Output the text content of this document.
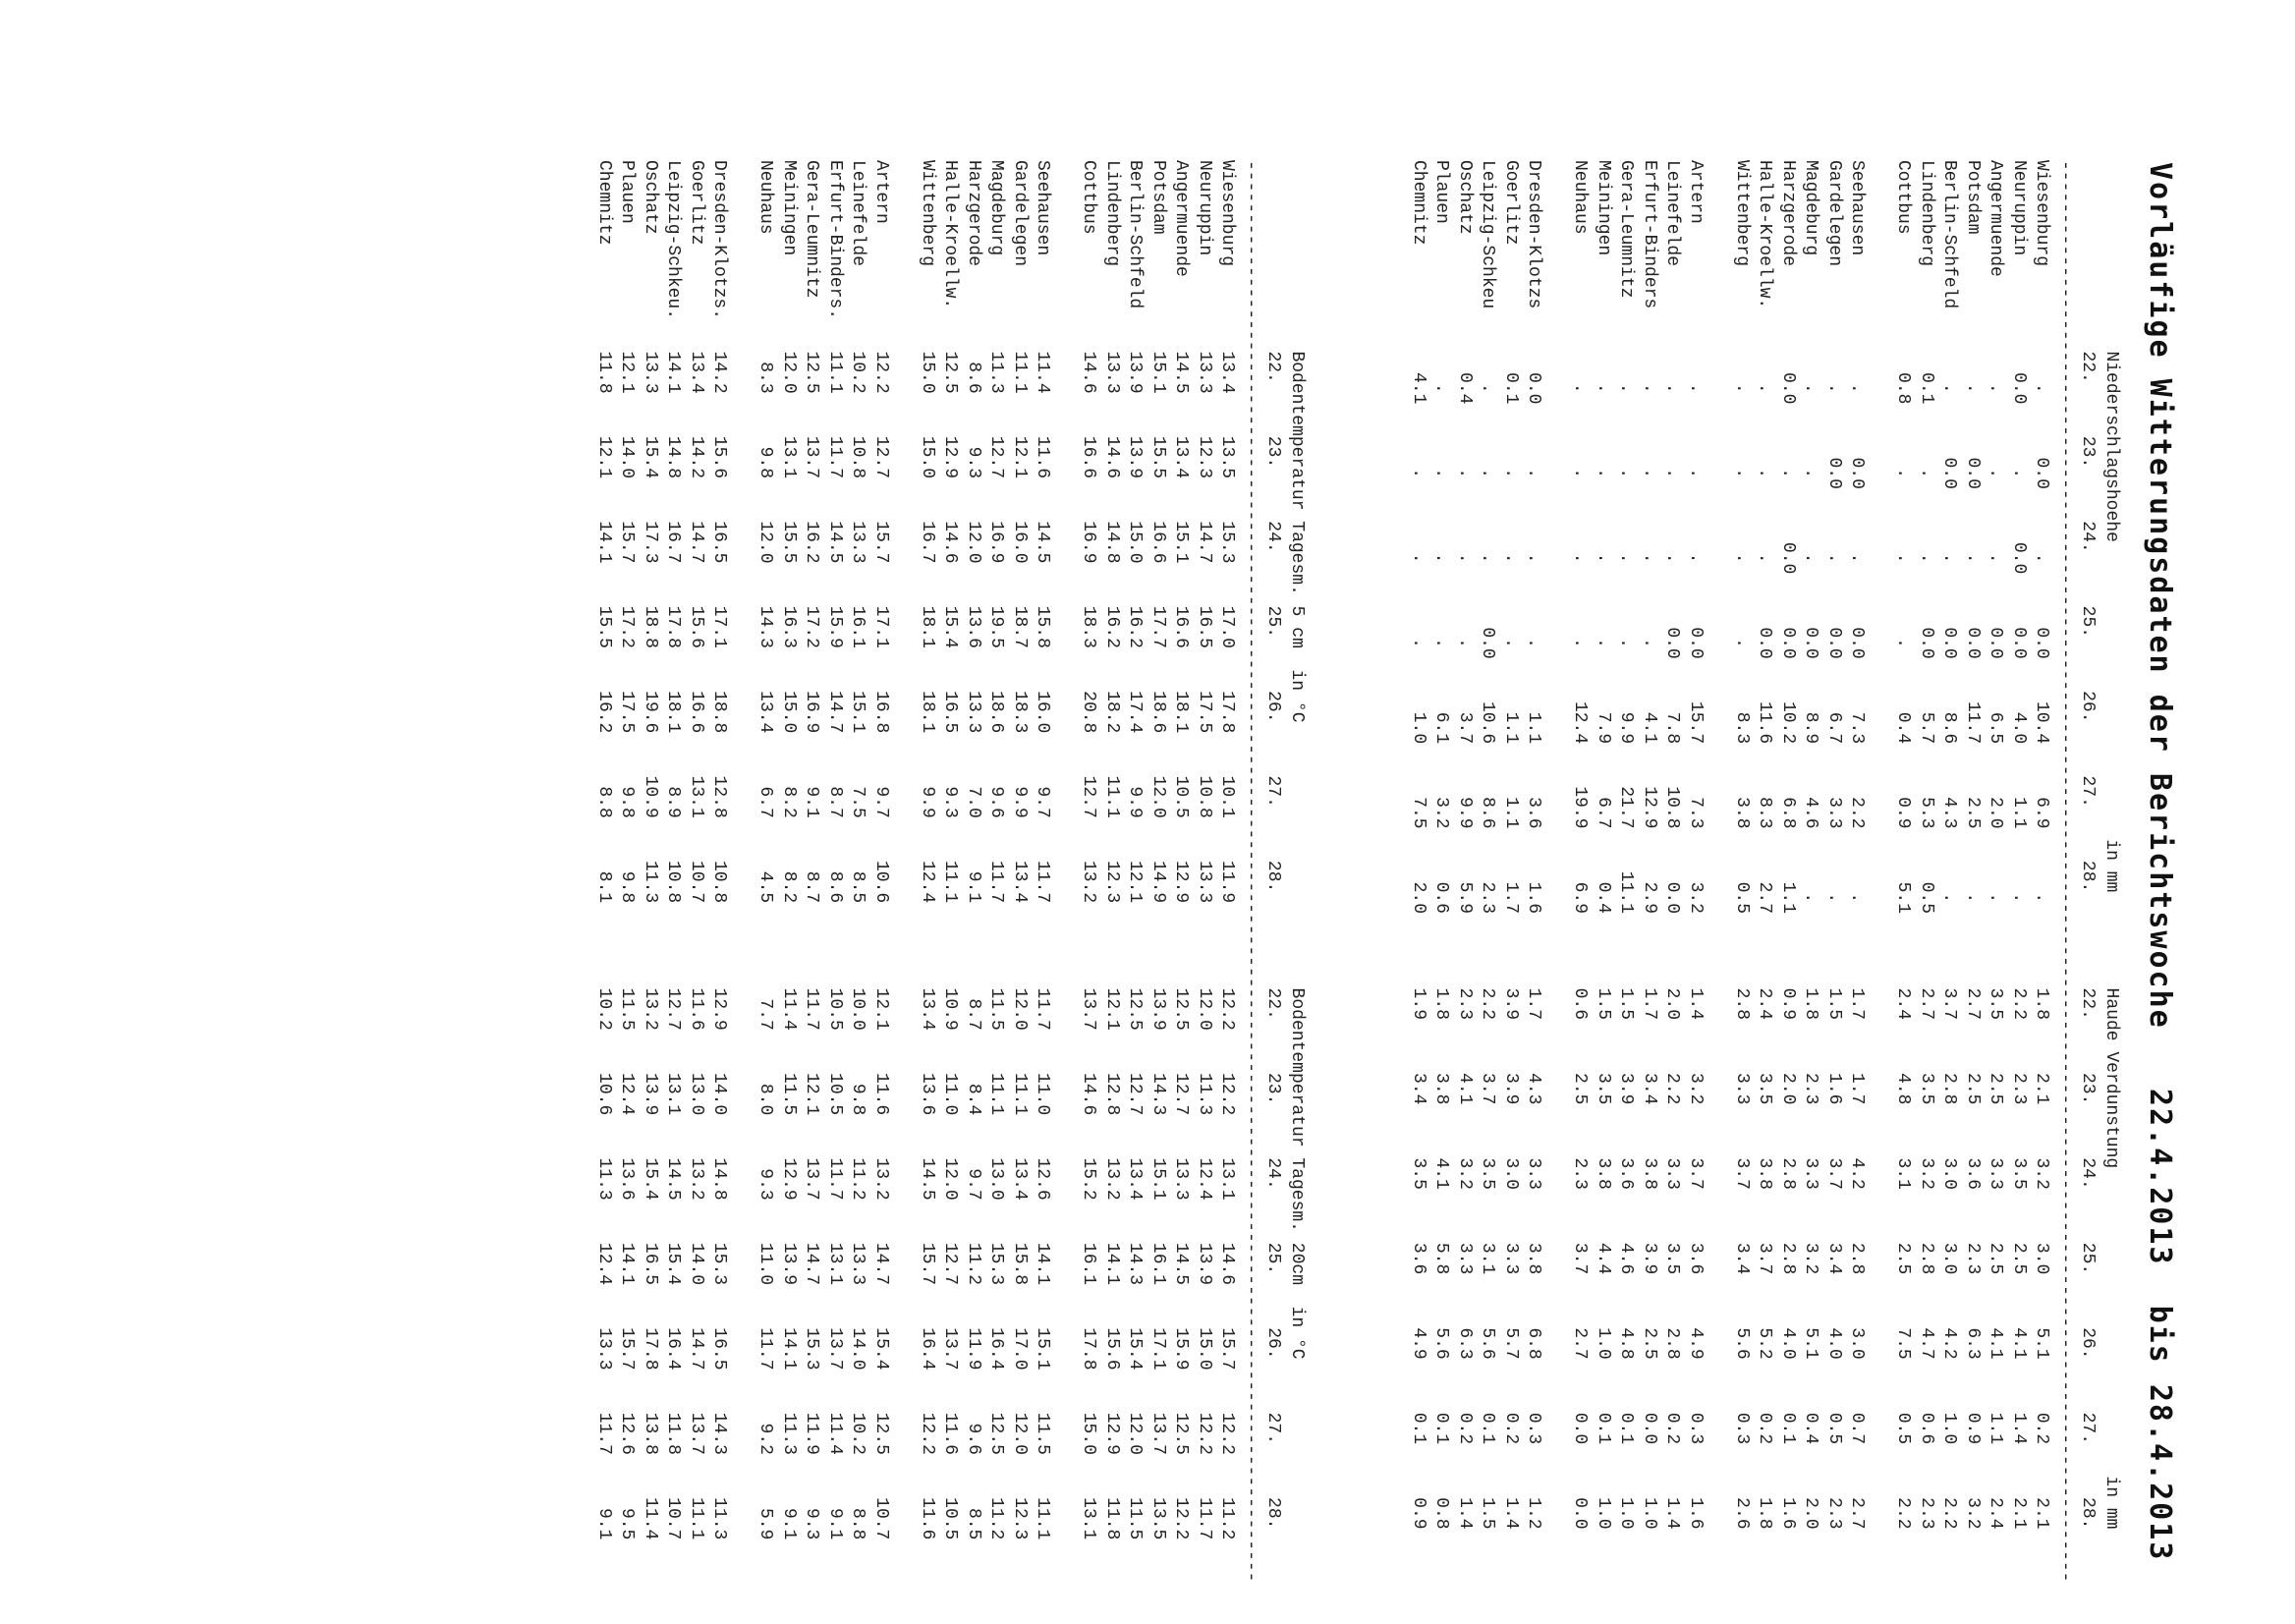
Vorläufige Witterungsdaten der Berichtswoche   22.4.2013  bis 28.4.2013
Niederschlagshoehe                            in mm         Haude Verdunstung                             in mm
22.     23.     24.     25.     26.     27.     28.         22.     23.     24.     25.     26.     27.     28.
--------------------------------------------------------------------------------------------------------------------------------------
Wiesenburg           .      0.0      .      0.0    10.4     6.9      .        1.8     2.1     3.2     3.0     5.1     0.2     2.1
Neuruppin           0.0      .      0.0     0.0     4.0     1.1      .        2.2     2.3     3.5     2.5     4.1     1.4     2.1
Angermuende          .       .       .      0.0     6.5     2.0      .        3.5     2.5     3.3     2.5     4.1     1.1     2.4
Potsdam              .      0.0      .      0.0    11.7     2.5      .        2.7     2.5     3.6     2.3     6.3     0.9     3.2
Berlin-Schfeld       .      0.0      .      0.0     8.6     4.3      .        3.7     2.8     3.0     3.0     4.2     1.0     2.2
Lindenberg          0.1      .       .      0.0     5.7     5.3     0.5       2.7     3.5     3.2     2.8     4.7     0.6     2.3
Cottbus             0.8      .       .       .      0.4     0.9     5.1       2.4     4.8     3.1     2.5     7.5     0.5     2.2
Seehausen            .      0.0      .      0.0     7.3     2.2      .        1.7     1.7     4.2     2.8     3.0     0.7     2.7
Gardelegen           .      0.0      .      0.0     6.7     3.3      .        1.5     1.6     3.7     3.4     4.0     0.5     2.3
Magdeburg            .       .       .      0.0     8.9     4.6      .        1.8     2.3     3.3     3.2     5.1     0.4     2.0
Harzgerode          0.0      .      0.0     0.0    10.2     6.8     1.1       0.9     2.0     2.8     2.8     4.0     0.1     1.6
Halle-Kroellw.       .       .       .      0.0    11.6     8.3     2.7       2.4     3.5     3.8     3.7     5.2     0.2     1.8
Wittenberg           .       .       .       .      8.3     3.8     0.5       2.8     3.3     3.7     3.4     5.6     0.3     2.6
Artern               .       .       .      0.0    15.7     7.3     3.2       1.4     3.2     3.7     3.6     4.9     0.3     1.6
Leinefelde           .       .       .      0.0     7.8    10.8     0.0       2.0     2.2     3.3     3.5     2.8     0.2     1.4
Erfurt-Binders       .       .       .       .      4.1    12.9     2.9       1.7     3.4     3.8     3.9     2.5     0.0     1.0
Gera-Leumnitz        .       .       .       .      9.9    21.7    11.1       1.5     3.9     3.6     4.6     4.8     0.1     1.0
Meiningen            .       .       .       .      7.9     6.7     0.4       1.5     3.5     3.8     4.4     1.0     0.1     1.0
Neuhaus              .       .       .       .     12.4    19.9     6.9       0.6     2.5     2.3     3.7     2.7     0.0     0.0
Dresden-Klotzs      0.0      .       .       .      1.1     3.6     1.6       1.7     4.3     3.3     3.8     6.8     0.3     1.2
Goerlitz            0.1      .       .       .      1.1     1.1     1.7       3.9     3.9     3.0     3.3     5.7     0.2     1.4
Leipzig-Schkeu       .       .       .      0.0    10.6     8.6     2.3       2.2     3.7     3.5     3.1     5.6     0.1     1.5
Oschatz             0.4      .       .       .      3.7     9.9     5.9       2.3     4.1     3.2     3.3     6.3     0.2     1.4
Plauen               .       .       .       .      6.1     3.2     0.6       1.8     3.8     4.1     5.8     5.6     0.1     0.8
Chemnitz            4.1      .       .       .      1.0     7.5     2.0       1.9     3.4     3.5     3.6     4.9     0.1     0.9
Bodentemperatur Tagesm. 5 cm  in °C                         Bodentemperatur Tagesm. 20cm  in °C
22.     23.     24.     25.     26.     27.     28.         22.     23.     24.     25.     26.     27.     28.
--------------------------------------------------------------------------------------------------------------------------------------
Wiesenburg        13.4    13.5    15.3    17.0    17.8    10.1    11.9        12.2    12.2    13.1    14.6    15.7    12.2    11.2
Neuruppin         13.3    12.3    14.7    16.5    17.5    10.8    13.3        12.0    11.3    12.4    13.9    15.0    12.2    11.7
Angermuende       14.5    13.4    15.1    16.6    18.1    10.5    12.9        12.5    12.7    13.3    14.5    15.9    12.5    12.2
Potsdam           15.1    15.5    16.6    17.7    18.6    12.0    14.9        13.9    14.3    15.1    16.1    17.1    13.7    13.5
Berlin-Schfeld    13.9    13.9    15.0    16.2    17.4     9.9    12.1        12.5    12.7    13.4    14.3    15.4    12.0    11.5
Lindenberg        13.3    14.6    14.8    16.2    18.2    11.1    12.3        12.1    12.8    13.2    14.1    15.6    12.9    11.8
Cottbus           14.6    16.6    16.9    18.3    20.8    12.7    13.2        13.7    14.6    15.2    16.1    17.8    15.0    13.1
Seehausen         11.4    11.6    14.5    15.8    16.0     9.7    11.7        11.7    11.0    12.6    14.1    15.1    11.5    11.1
Gardelegen        11.1    12.1    16.0    18.7    18.3     9.9    13.4        12.0    11.1    13.4    15.8    17.0    12.0    12.3
Magdeburg         11.3    12.7    16.9    19.5    18.6     9.6    11.7        11.5    11.1    13.0    15.3    16.4    12.5    11.2
Harzgerode         8.6     9.3    12.0    13.6    13.3     7.0     9.1         8.7     8.4     9.7    11.2    11.9     9.6     8.5
Halle-Kroellw.    12.5    12.9    14.6    15.4    16.5     9.3    11.1        10.9    11.0    12.0    12.7    13.7    11.6    10.5
Wittenberg        15.0    15.0    16.7    18.1    18.1     9.9    12.4        13.4    13.6    14.5    15.7    16.4    12.2    11.6
Artern            12.2    12.7    15.7    17.1    16.8     9.7    10.6        12.1    11.6    13.2    14.7    15.4    12.5    10.7
Leinefelde        10.2    10.8    13.3    16.1    15.1     7.5     8.5        10.0     9.8    11.2    13.3    14.0    10.2     8.8
Erfurt-Binders.   11.1    11.7    14.5    15.9    14.7     8.7     8.6        10.5    10.5    11.7    13.1    13.7    11.4     9.1
Gera-Leumnitz     12.5    13.7    16.2    17.2    16.9     9.1     8.7        11.7    12.1    13.7    14.7    15.3    11.9     9.3
Meiningen         12.0    13.1    15.5    16.3    15.0     8.2     8.2        11.4    11.5    12.9    13.9    14.1    11.3     9.1
Neuhaus            8.3     9.8    12.0    14.3    13.4     6.7     4.5         7.7     8.0     9.3    11.0    11.7     9.2     5.9
Dresden-Klotzs.   14.2    15.6    16.5    17.1    18.8    12.8    10.8        12.9    14.0    14.8    15.3    16.5    14.3    11.3
Goerlitz          13.4    14.2    14.7    15.6    16.6    13.1    10.7        11.6    13.0    13.2    14.0    14.7    13.7    11.1
Leipzig-Schkeu.   14.1    14.8    16.7    17.8    18.1     8.9    10.8        12.7    13.1    14.5    15.4    16.4    11.8    10.7
Oschatz           13.3    15.4    17.3    18.8    19.6    10.9    11.3        13.2    13.9    15.4    16.5    17.8    13.8    11.4
Plauen            12.1    14.0    15.7    17.2    17.5     9.8     9.8        11.5    12.4    13.6    14.1    15.7    12.6     9.5
Chemnitz          11.8    12.1    14.1    15.5    16.2     8.8     8.1        10.2    10.6    11.3    12.4    13.3    11.7     9.1
